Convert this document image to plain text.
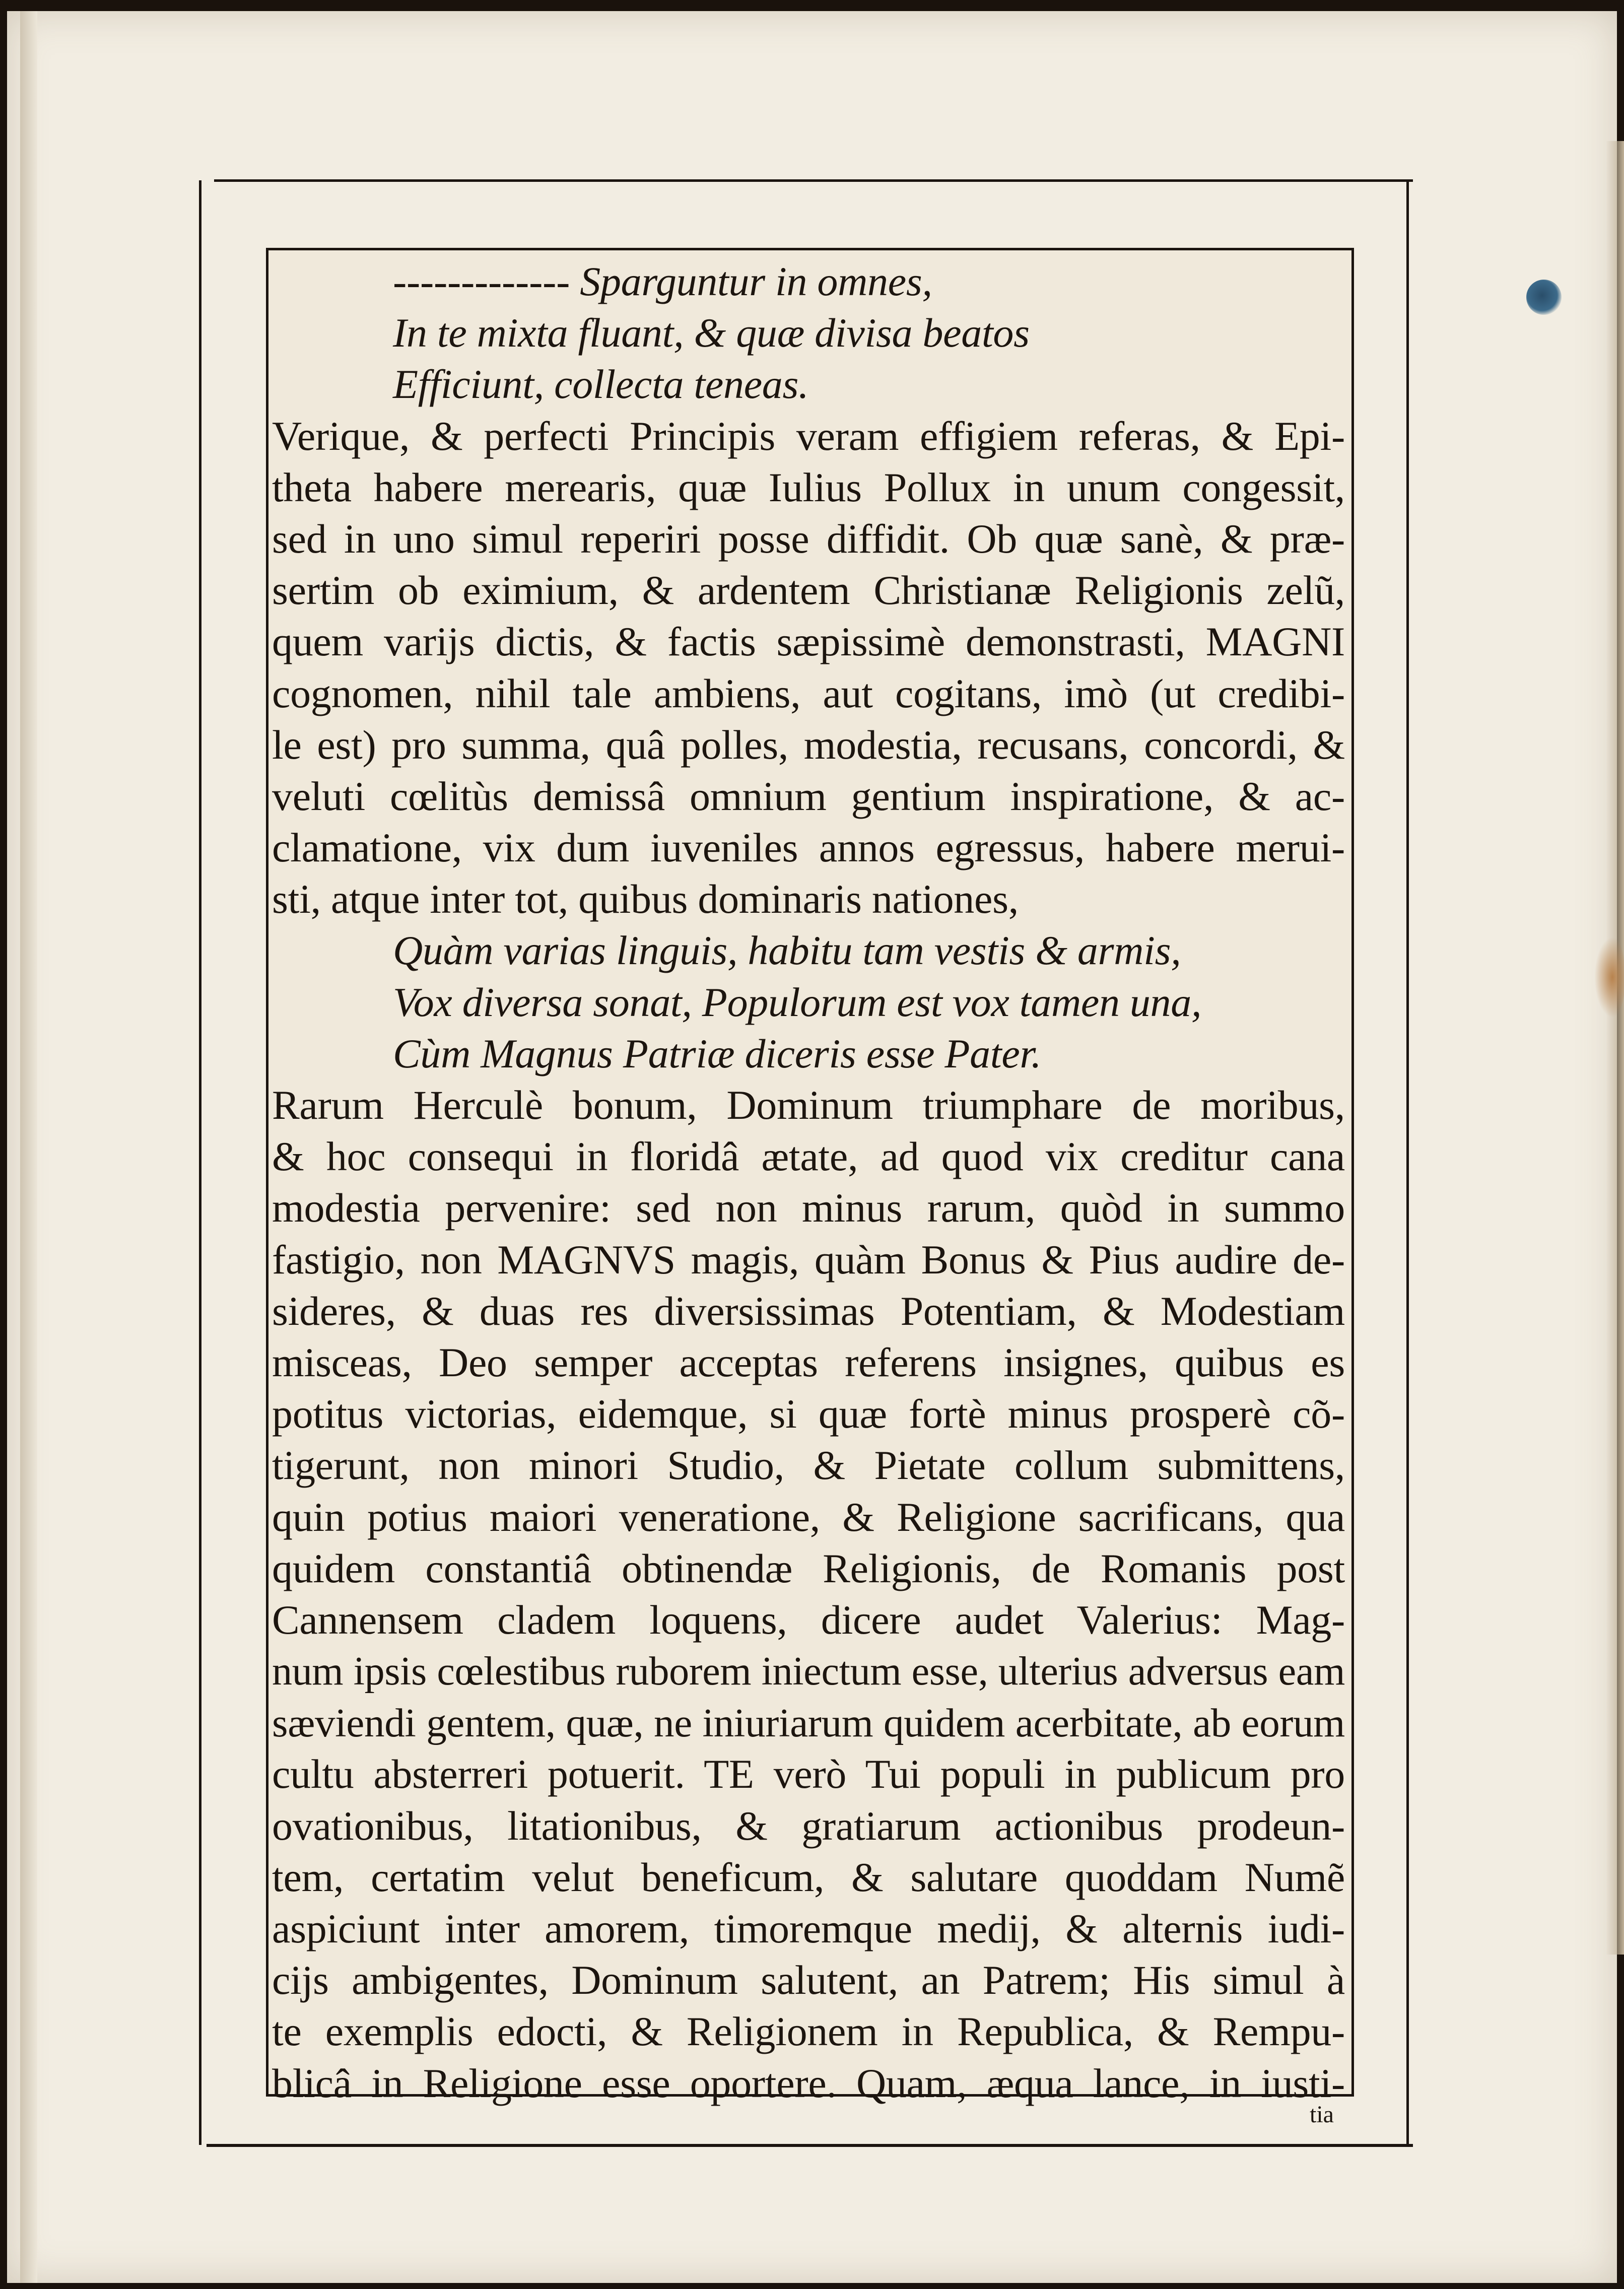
------------- Sparguntur in omnes,
In te mixta fluant, & quæ divisa beatos
Efficiunt, collecta teneas.
Verique, & perfecti Principis veram effigiem referas, & Epi-
theta habere merearis, quæ Iulius Pollux in unum congessit,
sed in uno simul reperiri posse diffidit. Ob quæ sanè, & præ-
sertim ob eximium, & ardentem Christianæ Religionis zelũ,
quem varijs dictis, & factis sæpissimè demonstrasti, MAGNI
cognomen, nihil tale ambiens, aut cogitans, imò (ut credibi-
le est) pro summa, quâ polles, modestia, recusans, concordi, &
veluti cœlitùs demissâ omnium gentium inspiratione, & ac-
clamatione, vix dum iuveniles annos egressus, habere merui-
sti, atque inter tot, quibus dominaris nationes,
Quàm varias linguis, habitu tam vestis & armis,
Vox diversa sonat, Populorum est vox tamen una,
Cùm Magnus Patriæ diceris esse Pater.
Rarum Herculè bonum, Dominum triumphare de moribus,
& hoc consequi in floridâ ætate, ad quod vix creditur cana
modestia pervenire: sed non minus rarum, quòd in summo
fastigio, non MAGNVS magis, quàm Bonus & Pius audire de-
sideres, & duas res diversissimas Potentiam, & Modestiam
misceas, Deo semper acceptas referens insignes, quibus es
potitus victorias, eidemque, si quæ fortè minus prosperè cõ-
tigerunt, non minori Studio, & Pietate collum submittens,
quin potius maiori veneratione, & Religione sacrificans, qua
quidem constantiâ obtinendæ Religionis, de Romanis post
Cannensem cladem loquens, dicere audet Valerius: Mag-
num ipsis cœlestibus ruborem iniectum esse, ulterius adversus eam
sæviendi gentem, quæ, ne iniuriarum quidem acerbitate, ab eorum
cultu absterreri potuerit. TE verò Tui populi in publicum pro
ovationibus, litationibus, & gratiarum actionibus prodeun-
tem, certatim velut beneficum, & salutare quoddam Numẽ
aspiciunt inter amorem, timoremque medij, & alternis iudi-
cijs ambigentes, Dominum salutent, an Patrem; His simul à
te exemplis edocti, & Religionem in Republica, & Rempu-
blicâ in Religione esse oportere. Quam, æqua lance, in iusti-
tia
